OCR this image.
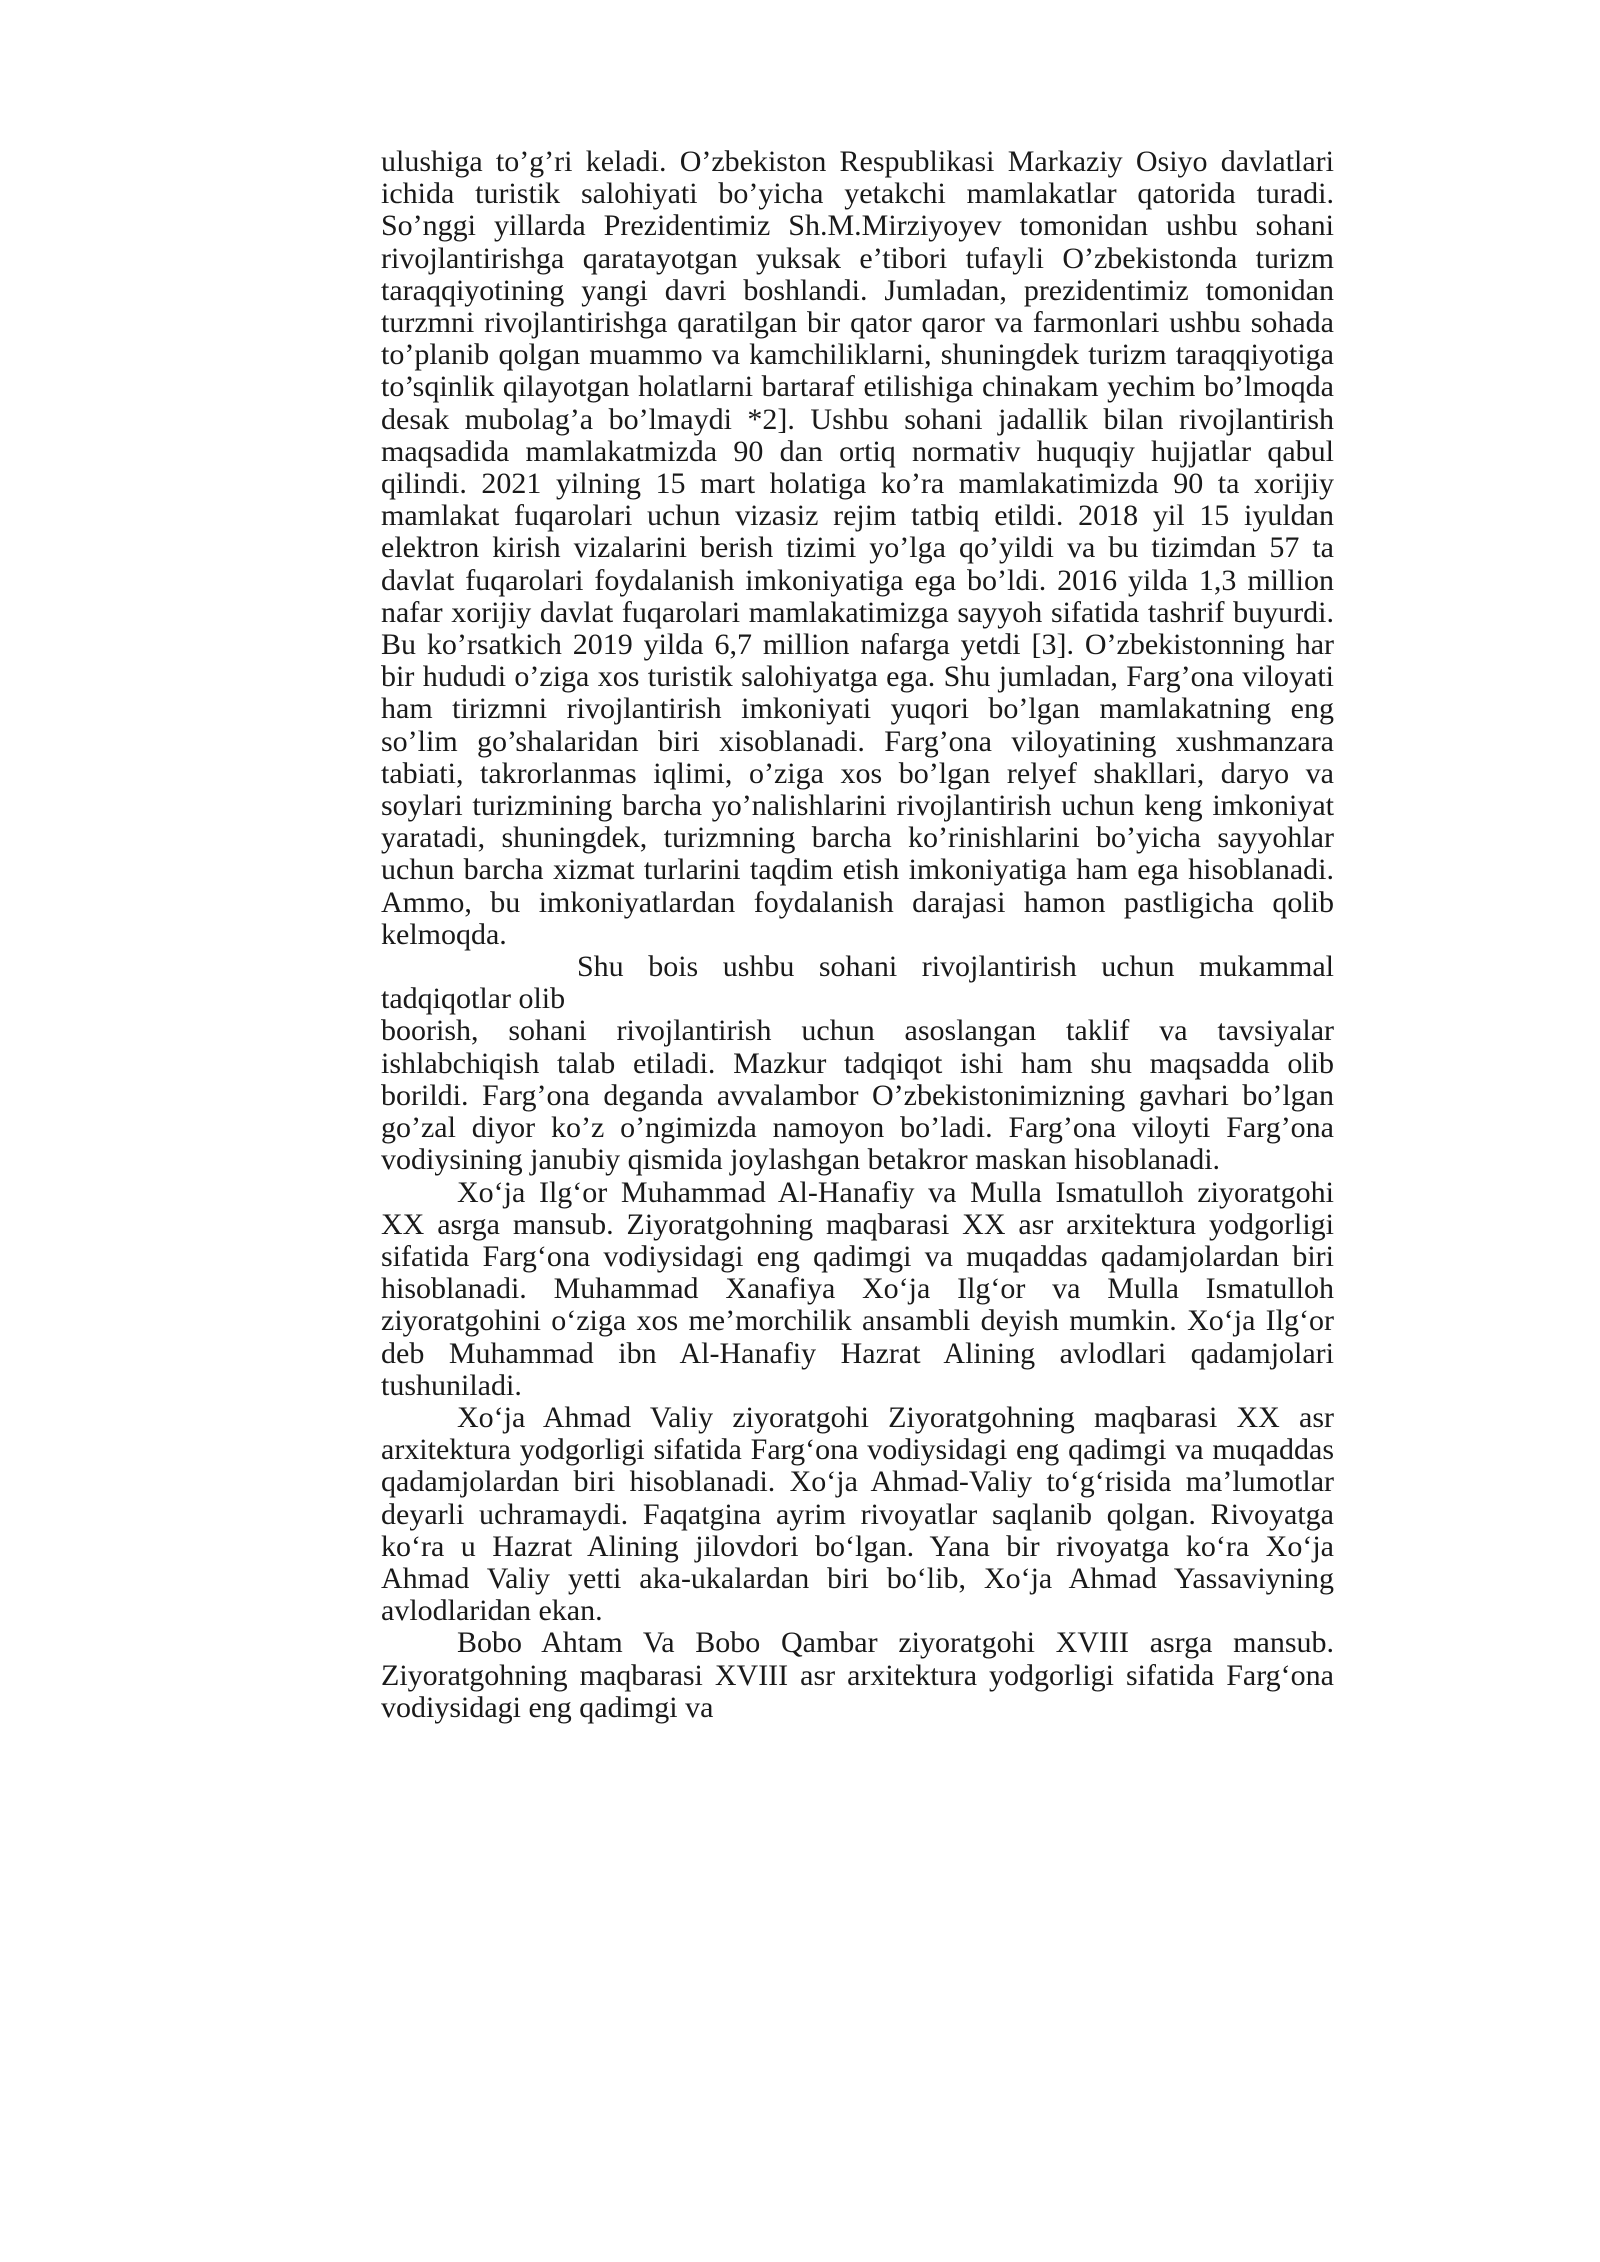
ulushiga to’g’ri keladi. O’zbekiston Respublikasi Markaziy Osiyo davlatlari ichida turistik salohiyati bo’yicha yetakchi mamlakatlar qatorida turadi. So’nggi yillarda Prezidentimiz Sh.M.Mirziyoyev tomonidan ushbu sohani rivojlantirishga qaratayotgan yuksak e’tibori tufayli O’zbekistonda turizm taraqqiyotining yangi davri boshlandi. Jumladan, prezidentimiz tomonidan turzmni rivojlantirishga qaratilgan bir qator qaror va farmonlari ushbu sohada to’planib qolgan muammo va kamchiliklarni, shuningdek turizm taraqqiyotiga to’sqinlik qilayotgan holatlarni bartaraf etilishiga chinakam yechim bo’lmoqda desak mubolag’a bo’lmaydi *2]. Ushbu sohani jadallik bilan rivojlantirish maqsadida mamlakatmizda 90 dan ortiq normativ huquqiy hujjatlar qabul qilindi. 2021 yilning 15 mart holatiga ko’ra mamlakatimizda 90 ta xorijiy mamlakat fuqarolari uchun vizasiz rejim tatbiq etildi. 2018 yil 15 iyuldan elektron kirish vizalarini berish tizimi yo’lga qo’yildi va bu tizimdan 57 ta davlat fuqarolari foydalanish imkoniyatiga ega bo’ldi. 2016 yilda 1,3 million nafar xorijiy davlat fuqarolari mamlakatimizga sayyoh sifatida tashrif buyurdi. Bu ko’rsatkich 2019 yilda 6,7 million nafarga yetdi [3]. O’zbekistonning har bir hududi o’ziga xos turistik salohiyatga ega. Shu jumladan, Farg’ona viloyati ham tirizmni rivojlantirish imkoniyati yuqori bo’lgan mamlakatning eng so’lim go’shalaridan biri xisoblanadi. Farg’ona viloyatining xushmanzara tabiati, takrorlanmas iqlimi, o’ziga xos bo’lgan relyef shakllari, daryo va soylari turizmining barcha yo’nalishlarini rivojlantirish uchun keng imkoniyat yaratadi, shuningdek, turizmning barcha ko’rinishlarini bo’yicha sayyohlar uchun barcha xizmat turlarini taqdim etish imkoniyatiga ham ega hisoblanadi. Ammo, bu imkoniyatlardan foydalanish darajasi hamon pastligicha qolib kelmoqda.

Shu bois ushbu sohani rivojlantirish uchun mukammal tadqiqotlar olib

boorish, sohani rivojlantirish uchun asoslangan taklif va tavsiyalar ishlabchiqish talab etiladi. Mazkur tadqiqot ishi ham shu maqsadda olib borildi. Farg’ona deganda avvalambor O’zbekistonimizning gavhari bo’lgan go’zal diyor ko’z o’ngimizda namoyon bo’ladi. Farg’ona viloyti Farg’ona vodiysining janubiy qismida joylashgan betakror maskan hisoblanadi.

Xo‘ja Ilg‘or Muhammad Al-Hanafiy va Mulla Ismatulloh ziyoratgohi XX asrga mansub. Ziyoratgohning maqbarasi XX asr arxitektura yodgorligi sifatida Farg‘ona vodiysidagi eng qadimgi va muqaddas qadamjolardan biri hisoblanadi. Muhammad Xanafiya Xo‘ja Ilg‘or va Mulla Ismatulloh ziyoratgohini o‘ziga xos me’morchilik ansambli deyish mumkin. Xo‘ja Ilg‘or deb Muhammad ibn Al-Hanafiy Hazrat Alining avlodlari qadamjolari tushuniladi.

Xo‘ja Ahmad Valiy ziyoratgohi Ziyoratgohning maqbarasi XX asr arxitektura yodgorligi sifatida Farg‘ona vodiysidagi eng qadimgi va muqaddas qadamjolardan biri hisoblanadi. Xo‘ja Ahmad-Valiy to‘g‘risida ma’lumotlar deyarli uchramaydi. Faqatgina ayrim rivoyatlar saqlanib qolgan. Rivoyatga ko‘ra u Hazrat Alining jilovdori bo‘lgan. Yana bir rivoyatga ko‘ra Xo‘ja Ahmad Valiy yetti aka-ukalardan biri bo‘lib, Xo‘ja Ahmad Yassaviyning avlodlaridan ekan.

Bobo Ahtam Va Bobo Qambar ziyoratgohi XVIII asrga mansub. Ziyoratgohning maqbarasi XVIII asr arxitektura yodgorligi sifatida Farg‘ona vodiysidagi eng qadimgi va
